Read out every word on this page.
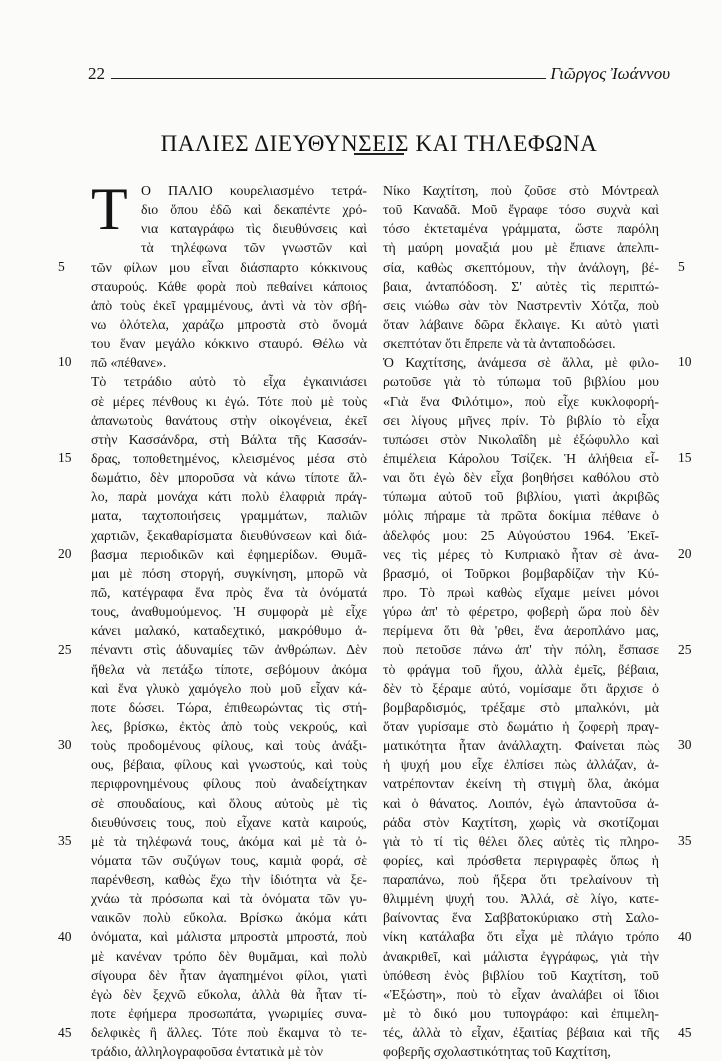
22	Γιῶργος Ἰωάννου
ΠΑΛΙΕΣ ΔΙΕΥΘΥΝΣΕΙΣ ΚΑΙ ΤΗΛΕΦΩΝΑ
Τ Ο ΠΑΛΙΟ κουρελιασμένο τετρά-
διο ὅπου ἐδῶ καὶ δεκαπέντε χρό-
νια καταγράφω τὶς διευθύνσεις καὶ
τὰ τηλέφωνα τῶν γνωστῶν καὶ
τῶν φίλων μου εἶναι διάσπαρτο κόκκινους
σταυρούς. Κάθε φορὰ ποὺ πεθαίνει κάποιος
ἀπὸ τοὺς ἐκεῖ γραμμένους, ἀντὶ νὰ τὸν σβή-
νω ὁλότελα, χαράζω μπροστὰ στὸ ὄνομά
του ἕναν μεγάλο κόκκινο σταυρό. Θέλω νὰ
πῶ «πέθανε».
Τὸ τετράδιο αὐτὸ τὸ εἶχα ἐγκαινιάσει
σὲ μέρες πένθους κι ἐγώ. Τότε ποὺ μὲ τοὺς
ἀπανωτοὺς θανάτους στὴν οἰκογένεια, ἐκεῖ
στὴν Κασσάνδρα, στὴ Βάλτα τῆς Κασσάν-
δρας, τοποθετημένος, κλεισμένος μέσα στὸ
δωμάτιο, δὲν μποροῦσα νὰ κάνω τίποτε ἄλ-
λο, παρὰ μονάχα κάτι πολὺ ἐλαφριὰ πράγ-
ματα, ταχτοποιήσεις γραμμάτων, παλιῶν
χαρτιῶν, ξεκαθαρίσματα διευθύνσεων καὶ διά-
βασμα περιοδικῶν καὶ ἐφημερίδων. Θυμᾶ-
μαι μὲ πόση στοργή, συγκίνηση, μπορῶ νὰ
πῶ, κατέγραφα ἕνα πρὸς ἕνα τὰ ὀνόματά
τους, ἀναθυμούμενος. Ἡ συμφορὰ μὲ εἶχε
κάνει μαλακό, καταδεχτικό, μακρόθυμο ἀ-
πέναντι στὶς ἀδυναμίες τῶν ἀνθρώπων. Δὲν
ἤθελα νὰ πετάξω τίποτε, σεβόμουν ἀκόμα
καὶ ἕνα γλυκὸ χαμόγελο ποὺ μοῦ εἶχαν κά-
ποτε δώσει. Τώρα, ἐπιθεωρώντας τὶς στή-
λες, βρίσκω, ἐκτὸς ἀπὸ τοὺς νεκρούς, καὶ
τοὺς προδομένους φίλους, καὶ τοὺς ἀνάξι-
ους, βέβαια, φίλους καὶ γνωστούς, καὶ τοὺς
περιφρονημένους φίλους ποὺ ἀναδείχτηκαν
σὲ σπουδαίους, καὶ ὅλους αὐτοὺς μὲ τὶς
διευθύνσεις τους, ποὺ εἶχανε κατὰ καιρούς,
μὲ τὰ τηλέφωνά τους, ἀκόμα καὶ μὲ τὰ ὀ-
νόματα τῶν συζύγων τους, καμιὰ φορά, σὲ
παρένθεση, καθὼς ἔχω τὴν ἰδιότητα νὰ ξε-
χνάω τὰ πρόσωπα καὶ τὰ ὀνόματα τῶν γυ-
ναικῶν πολὺ εὔκολα. Βρίσκω ἀκόμα κάτι
ὀνόματα, καὶ μάλιστα μπροστὰ μπροστά, ποὺ
μὲ κανέναν τρόπο δὲν θυμᾶμαι, καὶ πολὺ
σίγουρα δὲν ἦταν ἀγαπημένοι φίλοι, γιατὶ
ἐγὼ δὲν ξεχνῶ εὔκολα, ἀλλὰ θὰ ἦταν τί-
ποτε ἐφήμερα προσωπάτα, γνωριμίες συνα-
δελφικὲς ἢ ἄλλες. Τότε ποὺ ἔκαμνα τὸ τε-
τράδιο, ἀλληλογραφοῦσα ἐντατικὰ μὲ τὸν
Νίκο Καχτίτση, ποὺ ζοῦσε στὸ Μόντρεαλ
τοῦ Καναδᾶ. Μοῦ ἔγραφε τόσο συχνὰ καὶ
τόσο ἐκτεταμένα γράμματα, ὥστε παρόλη
τὴ μαύρη μοναξιά μου μὲ ἔπιανε ἀπελπι-
σία, καθὼς σκεπτόμουν, τὴν ἀνάλογη, βέ-
βαια, ἀνταπόδοση. Σ' αὐτὲς τὶς περιπτώ-
σεις νιώθω σὰν τὸν Ναστρεντὶν Χότζα, ποὺ
ὅταν λάβαινε δῶρα ἔκλαιγε. Κι αὐτὸ γιατὶ
σκεπτόταν ὅτι ἔπρεπε νὰ τὰ ἀνταποδώσει.
Ὁ Καχτίτσης, ἀνάμεσα σὲ ἄλλα, μὲ φιλο-
ρωτοῦσε γιὰ τὸ τύπωμα τοῦ βιβλίου μου
«Γιὰ ἕνα Φιλότιμο», ποὺ εἶχε κυκλοφορή-
σει λίγους μῆνες πρίν. Τὸ βιβλίο τὸ εἶχα
τυπώσει στὸν Νικολαΐδη μὲ ἐξώφυλλο καὶ
ἐπιμέλεια Κάρολου Τσίζεκ. Ἡ ἀλήθεια εἶ-
ναι ὅτι ἐγὼ δὲν εἶχα βοηθήσει καθόλου στὸ
τύπωμα αὐτοῦ τοῦ βιβλίου, γιατὶ ἀκριβῶς
μόλις πήραμε τὰ πρῶτα δοκίμια πέθανε ὁ
ἀδελφός μου: 25 Αὐγούστου 1964. Ἐκεῖ-
νες τὶς μέρες τὸ Κυπριακὸ ἦταν σὲ ἀνα-
βρασμό, οἱ Τοῦρκοι βομβαρδίζαν τὴν Κύ-
προ. Τὸ πρωὶ καθὼς εἴχαμε μείνει μόνοι
γύρω ἀπ' τὸ φέρετρο, φοβερὴ ὥρα ποὺ δὲν
περίμενα ὅτι θὰ 'ρθει, ἕνα ἀεροπλάνο μας,
ποὺ πετοῦσε πάνω ἀπ' τὴν πόλη, ἔσπασε
τὸ φράγμα τοῦ ἤχου, ἀλλὰ ἐμεῖς, βέβαια,
δὲν τὸ ξέραμε αὐτό, νομίσαμε ὅτι ἄρχισε ὁ
βομβαρδισμός, τρέξαμε στὸ μπαλκόνι, μὰ
ὅταν γυρίσαμε στὸ δωμάτιο ἡ ζοφερὴ πραγ-
ματικότητα ἦταν ἀνάλλαχτη. Φαίνεται πὼς
ἡ ψυχή μου εἶχε ἐλπίσει πὼς ἀλλάζαν, ἀ-
νατρέπονταν ἐκείνη τὴ στιγμὴ ὅλα, ἀκόμα
καὶ ὁ θάνατος. Λοιπόν, ἐγὼ ἀπαντοῦσα ἀ-
ράδα στὸν Καχτίτση, χωρὶς νὰ σκοτίζομαι
γιὰ τὸ τί τὶς θέλει ὅλες αὐτὲς τὶς πληρο-
φορίες, καὶ πρόσθετα περιγραφὲς ὅπως ἡ
παραπάνω, ποὺ ἤξερα ὅτι τρελαίνουν τὴ
θλιμμένη ψυχή του. Ἀλλά, σὲ λίγο, κατε-
βαίνοντας ἕνα Σαββατοκύριακο στὴ Σαλο-
νίκη κατάλαβα ὅτι εἶχα μὲ πλάγιο τρόπο
ἀνακριθεῖ, καὶ μάλιστα ἐγγράφως, γιὰ τὴν
ὑπόθεση ἑνὸς βιβλίου τοῦ Καχτίτση, τοῦ
«Ἐξώστη», ποὺ τὸ εἶχαν ἀναλάβει οἱ ἴδιοι
μὲ τὸ δικό μου τυπογράφο: καὶ ἐπιμελη-
τές, ἀλλὰ τὸ εἶχαν, ἐξαιτίας βέβαια καὶ τῆς
φοβερῆς σχολαστικότητας τοῦ Καχτίτση,
5	5
10	10
15	15
20	20
25	25
30	30
35	35
40	40
45	45
